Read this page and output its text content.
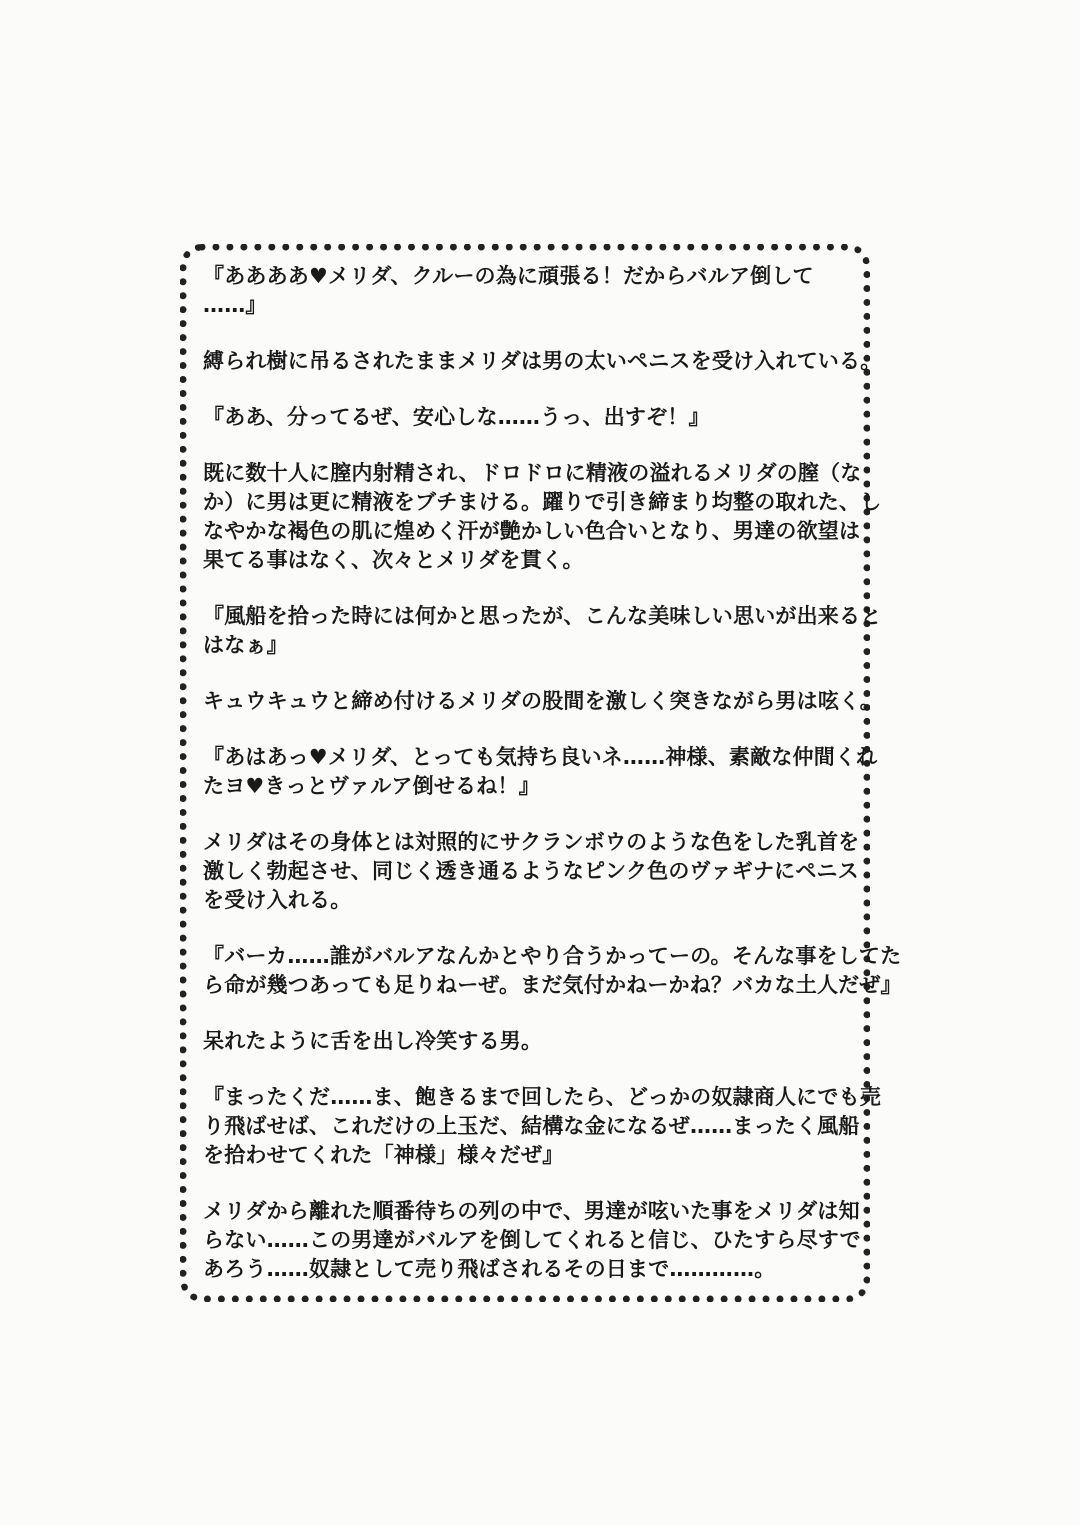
『ああああ♥メリダ、クルーの為に頑張る！だからバルア倒して
……』
縛られ樹に吊るされたままメリダは男の太いペニスを受け入れている。
『ああ、分ってるぜ、安心しな……うっ、出すぞ！』
既に数十人に膣内射精され、ドロドロに精液の溢れるメリダの膣（な
か）に男は更に精液をブチまける。躍りで引き締まり均整の取れた、し
なやかな褐色の肌に煌めく汗が艶かしい色合いとなり、男達の欲望は
果てる事はなく、次々とメリダを貫く。
『風船を拾った時には何かと思ったが、こんな美味しい思いが出来ると
はなぁ』
キュウキュウと締め付けるメリダの股間を激しく突きながら男は呟く。
『あはあっ♥メリダ、とっても気持ち良いネ……神様、素敵な仲間くれ
たヨ♥きっとヴァルア倒せるね！』
メリダはその身体とは対照的にサクランボウのような色をした乳首を
激しく勃起させ、同じく透き通るようなピンク色のヴァギナにペニス
を受け入れる。
『バーカ……誰がバルアなんかとやり合うかってーの。そんな事をしてた
ら命が幾つあっても足りねーぜ。まだ気付かねーかね？バカな土人だぜ』
呆れたように舌を出し冷笑する男。
『まったくだ……ま、飽きるまで回したら、どっかの奴隷商人にでも売
り飛ばせば、これだけの上玉だ、結構な金になるぜ……まったく風船
を拾わせてくれた「神様」様々だぜ』
メリダから離れた順番待ちの列の中で、男達が呟いた事をメリダは知
らない……この男達がバルアを倒してくれると信じ、ひたすら尽すで
あろう……奴隷として売り飛ばされるその日まで…………。
